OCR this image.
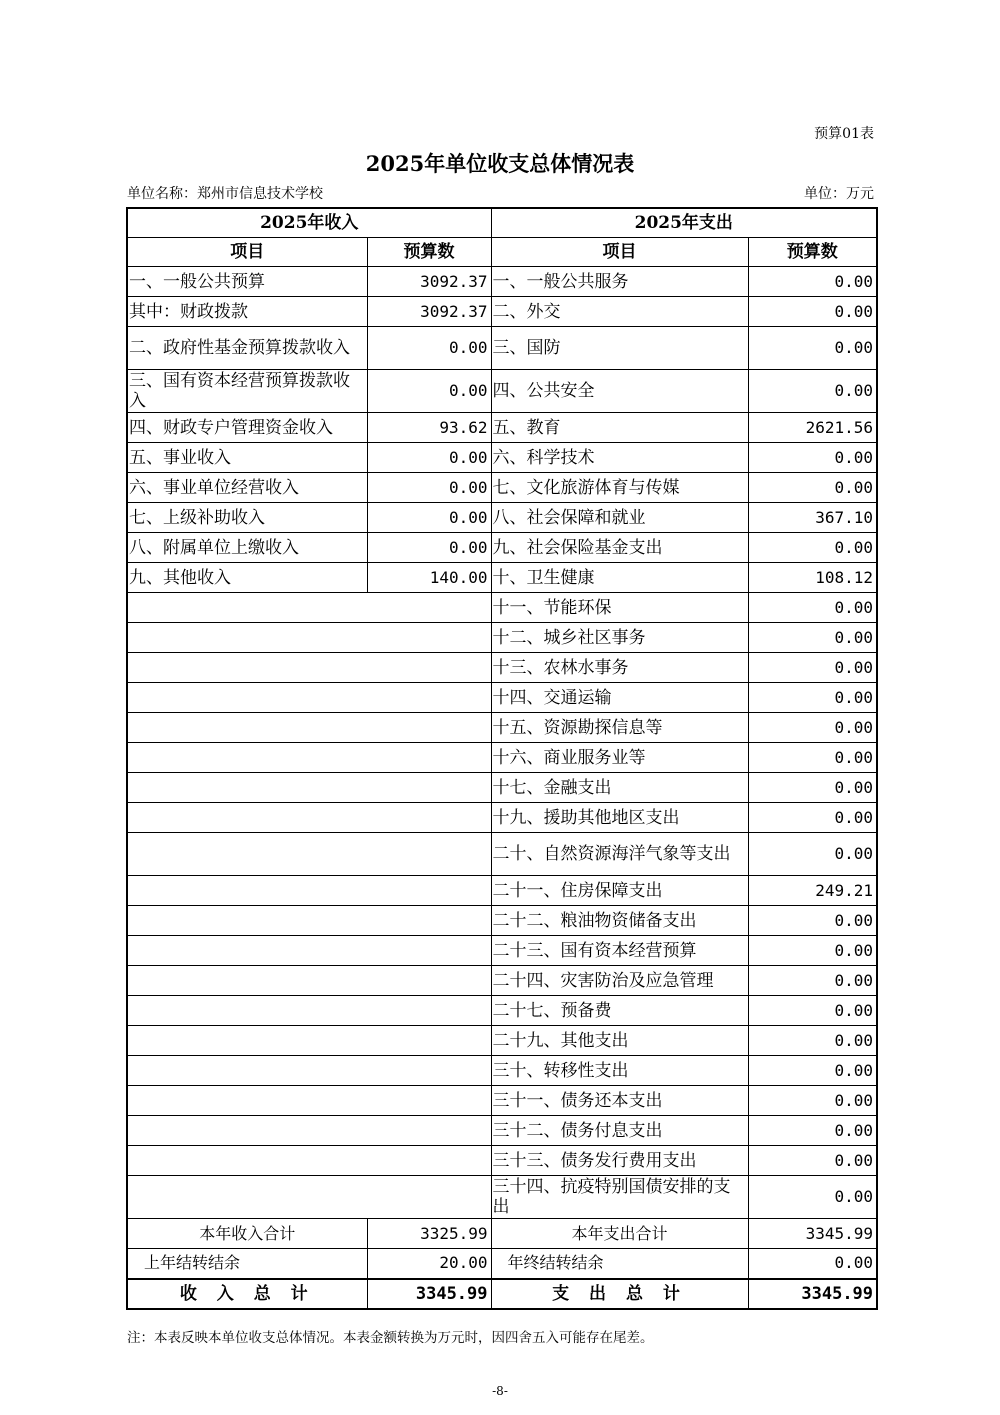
预算01表
2025年单位收支总体情况表
单位名称：郑州市信息技术学校	单位：万元
2025年收入		2025年支出	
项目	预算数	项目	预算数
一、一般公共预算	3092.37	一、一般公共服务	0.00
其中：财政拨款	3092.37	二、外交	0.00
二、政府性基金预算拨款收入	0.00	三、国防	0.00
三、国有资本经营预算拨款收入	0.00	四、公共安全	0.00
四、财政专户管理资金收入	93.62	五、教育	2621.56
五、事业收入	0.00	六、科学技术	0.00
六、事业单位经营收入	0.00	七、文化旅游体育与传媒	0.00
七、上级补助收入	0.00	八、社会保障和就业	367.10
八、附属单位上缴收入	0.00	九、社会保险基金支出	0.00
九、其他收入	140.00	十、卫生健康	108.12
		十一、节能环保	0.00
		十二、城乡社区事务	0.00
		十三、农林水事务	0.00
		十四、交通运输	0.00
		十五、资源勘探信息等	0.00
		十六、商业服务业等	0.00
		十七、金融支出	0.00
		十九、援助其他地区支出	0.00
		二十、自然资源海洋气象等支出	0.00
		二十一、住房保障支出	249.21
		二十二、粮油物资储备支出	0.00
		二十三、国有资本经营预算	0.00
		二十四、灾害防治及应急管理	0.00
		二十七、预备费	0.00
		二十九、其他支出	0.00
		三十、转移性支出	0.00
		三十一、债务还本支出	0.00
		三十二、债务付息支出	0.00
		三十三、债务发行费用支出	0.00
		三十四、抗疫特别国债安排的支出	0.00
本年收入合计	3325.99	本年支出合计	3345.99
上年结转结余	20.00	年终结转结余	0.00
收 入 总 计	3345.99	支 出 总 计	3345.99
注：本表反映本单位收支总体情况。本表金额转换为万元时，因四舍五入可能存在尾差。
-8-
